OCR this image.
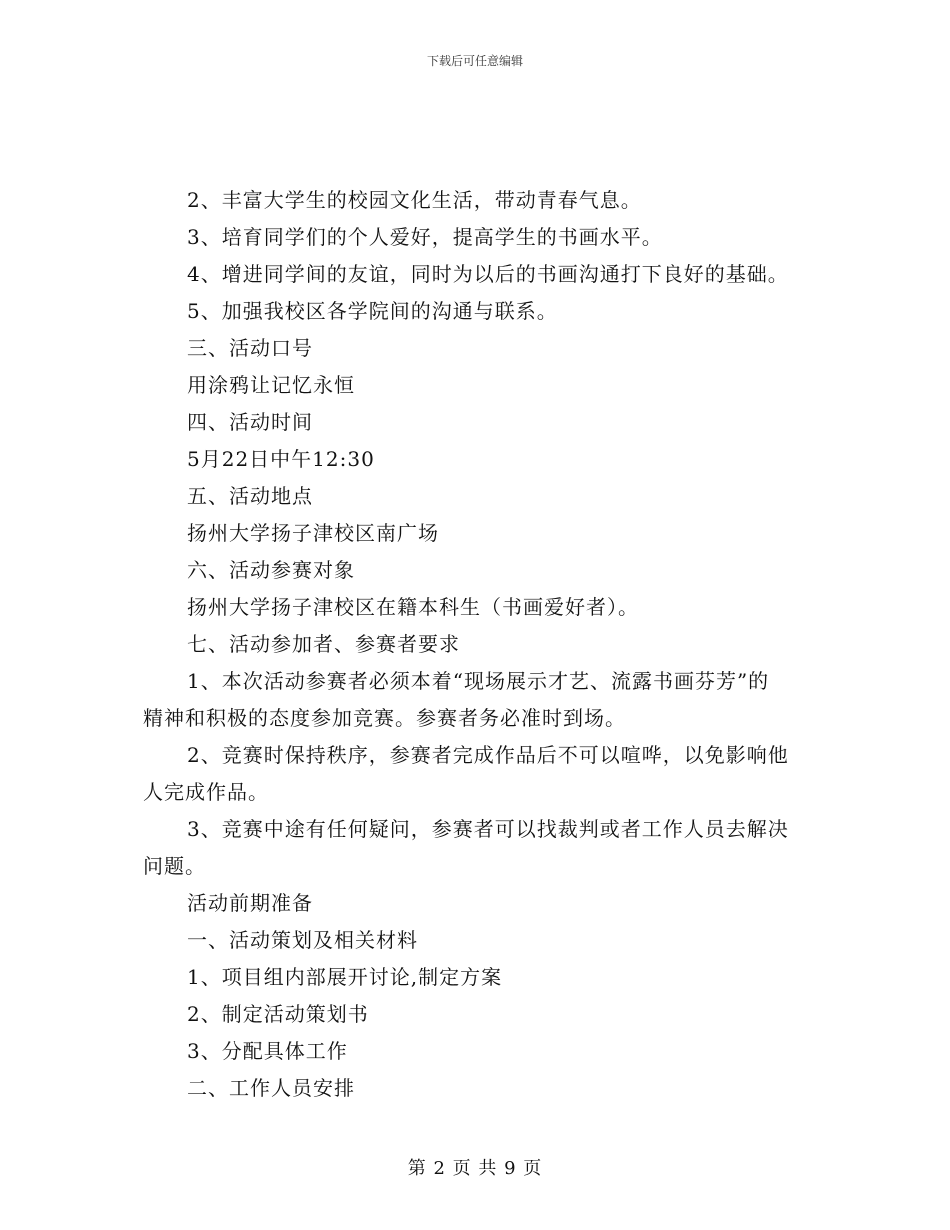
下载后可任意编辑
2、丰富大学生的校园文化生活，带动青春气息。
3、培育同学们的个人爱好，提高学生的书画水平。
4、增进同学间的友谊，同时为以后的书画沟通打下良好的基础。
5、加强我校区各学院间的沟通与联系。
三、活动口号
用涂鸦让记忆永恒
四、活动时间
5月22日中午12:30
五、活动地点
扬州大学扬子津校区南广场
六、活动参赛对象
扬州大学扬子津校区在籍本科生（书画爱好者）。
七、活动参加者、参赛者要求
1、本次活动参赛者必须本着“现场展示才艺、流露书画芬芳”的
精神和积极的态度参加竞赛。参赛者务必准时到场。
2、竞赛时保持秩序，参赛者完成作品后不可以喧哗，以免影响他
人完成作品。
3、竞赛中途有任何疑问，参赛者可以找裁判或者工作人员去解决
问题。
活动前期准备
一、活动策划及相关材料
1、项目组内部展开讨论,制定方案
2、制定活动策划书
3、分配具体工作
二、工作人员安排
第 2 页 共 9 页
